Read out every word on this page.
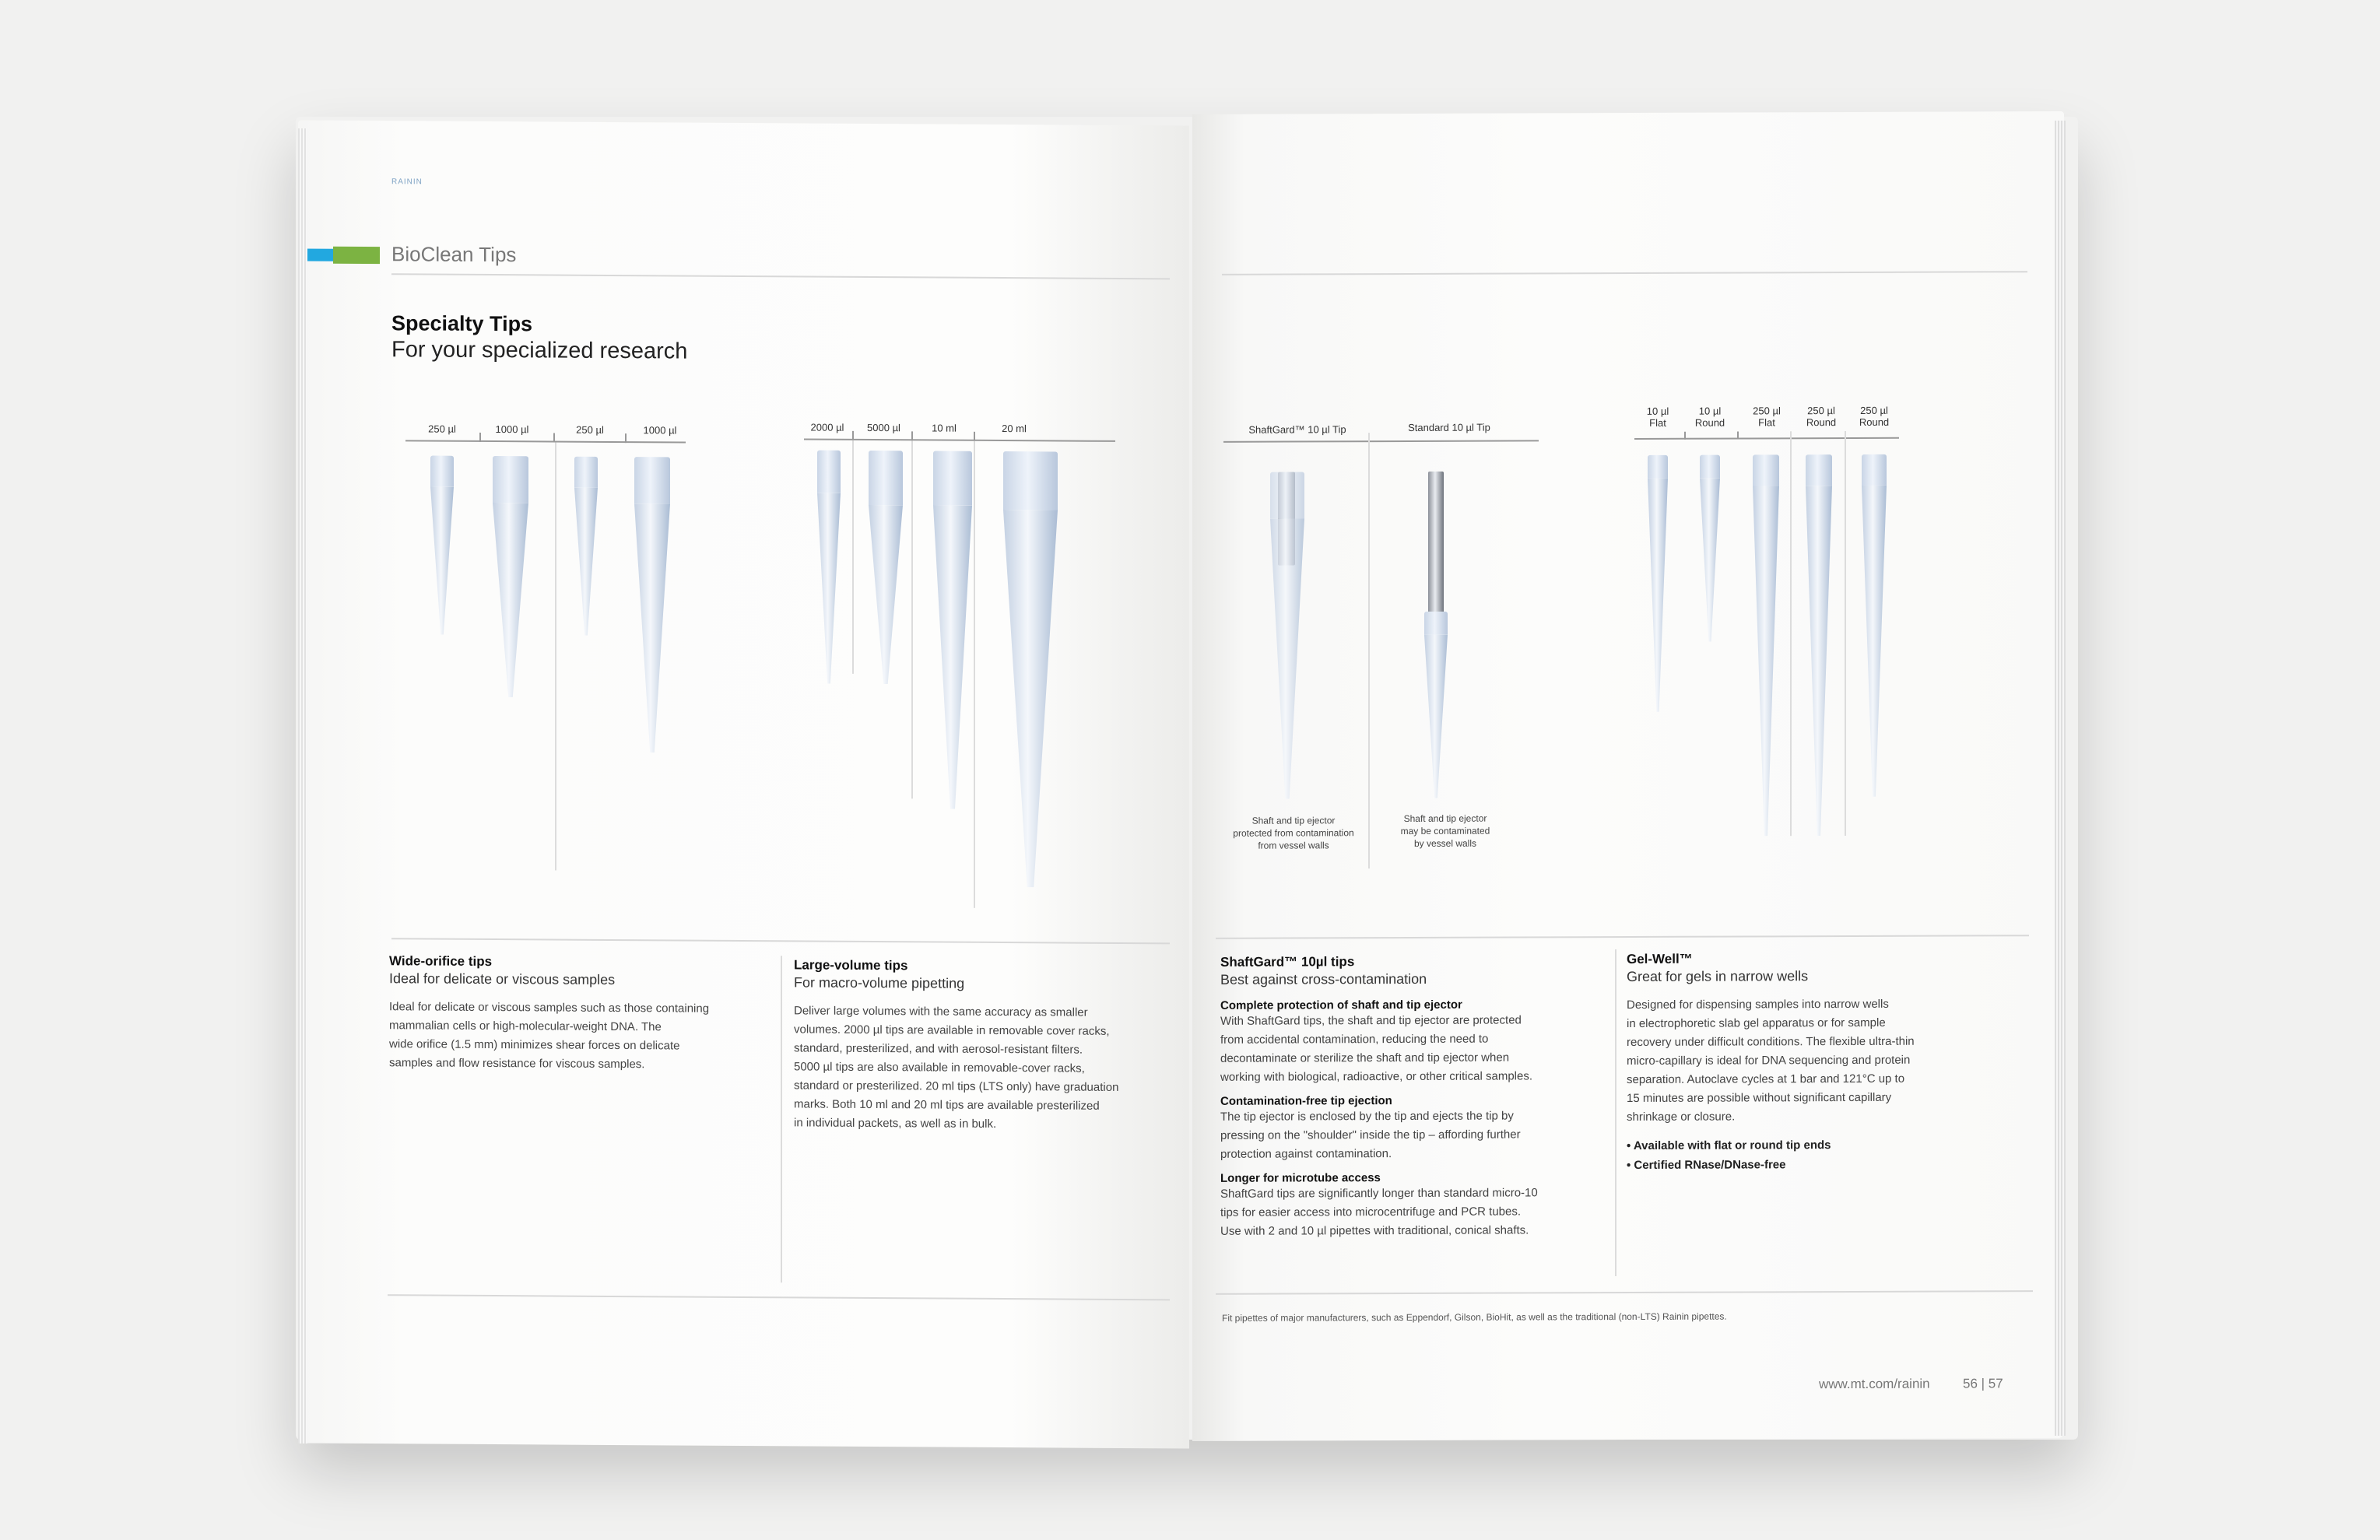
RAININ
BioClean Tips
Specialty Tips
For your specialized research
250 µl	1000 µl	250 µl	1000 µl	2000 µl	5000 µl	10 ml	20 ml
Wide-orifice tips
Ideal for delicate or viscous samples
Ideal for delicate or viscous samples such as those containing
mammalian cells or high-molecular-weight DNA. The
wide orifice (1.5 mm) minimizes shear forces on delicate
samples and flow resistance for viscous samples.
Large-volume tips
For macro-volume pipetting
Deliver large volumes with the same accuracy as smaller
volumes. 2000 µl tips are available in removable cover racks,
standard, presterilized, and with aerosol-resistant filters.
5000 µl tips are also available in removable-cover racks,
standard or presterilized. 20 ml tips (LTS only) have graduation
marks. Both 10 ml and 20 ml tips are available presterilized
in individual packets, as well as in bulk.
ShaftGard™ 10 µl Tip	Standard 10 µl Tip
Shaft and tip ejector
protected from contamination
from vessel walls
Shaft and tip ejector
may be contaminated
by vessel walls
10 µl
Flat
10 µl
Round
250 µl
Flat
250 µl
Round
250 µl
Round
ShaftGard™ 10µl tips
Best against cross-contamination
Complete protection of shaft and tip ejector
With ShaftGard tips, the shaft and tip ejector are protected
from accidental contamination, reducing the need to
decontaminate or sterilize the shaft and tip ejector when
working with biological, radioactive, or other critical samples.
Contamination-free tip ejection
The tip ejector is enclosed by the tip and ejects the tip by
pressing on the "shoulder" inside the tip – affording further
protection against contamination.
Longer for microtube access
ShaftGard tips are significantly longer than standard micro-10
tips for easier access into microcentrifuge and PCR tubes.
Use with 2 and 10 µl pipettes with traditional, conical shafts.
Gel-Well™
Great for gels in narrow wells
Designed for dispensing samples into narrow wells
in electrophoretic slab gel apparatus or for sample
recovery under difficult conditions. The flexible ultra-thin
micro-capillary is ideal for DNA sequencing and protein
separation. Autoclave cycles at 1 bar and 121°C up to
15 minutes are possible without significant capillary
shrinkage or closure.
• Available with flat or round tip ends
• Certified RNase/DNase-free
Fit pipettes of major manufacturers, such as Eppendorf, Gilson, BioHit, as well as the traditional (non-LTS) Rainin pipettes.
www.mt.com/rainin 56 | 57
